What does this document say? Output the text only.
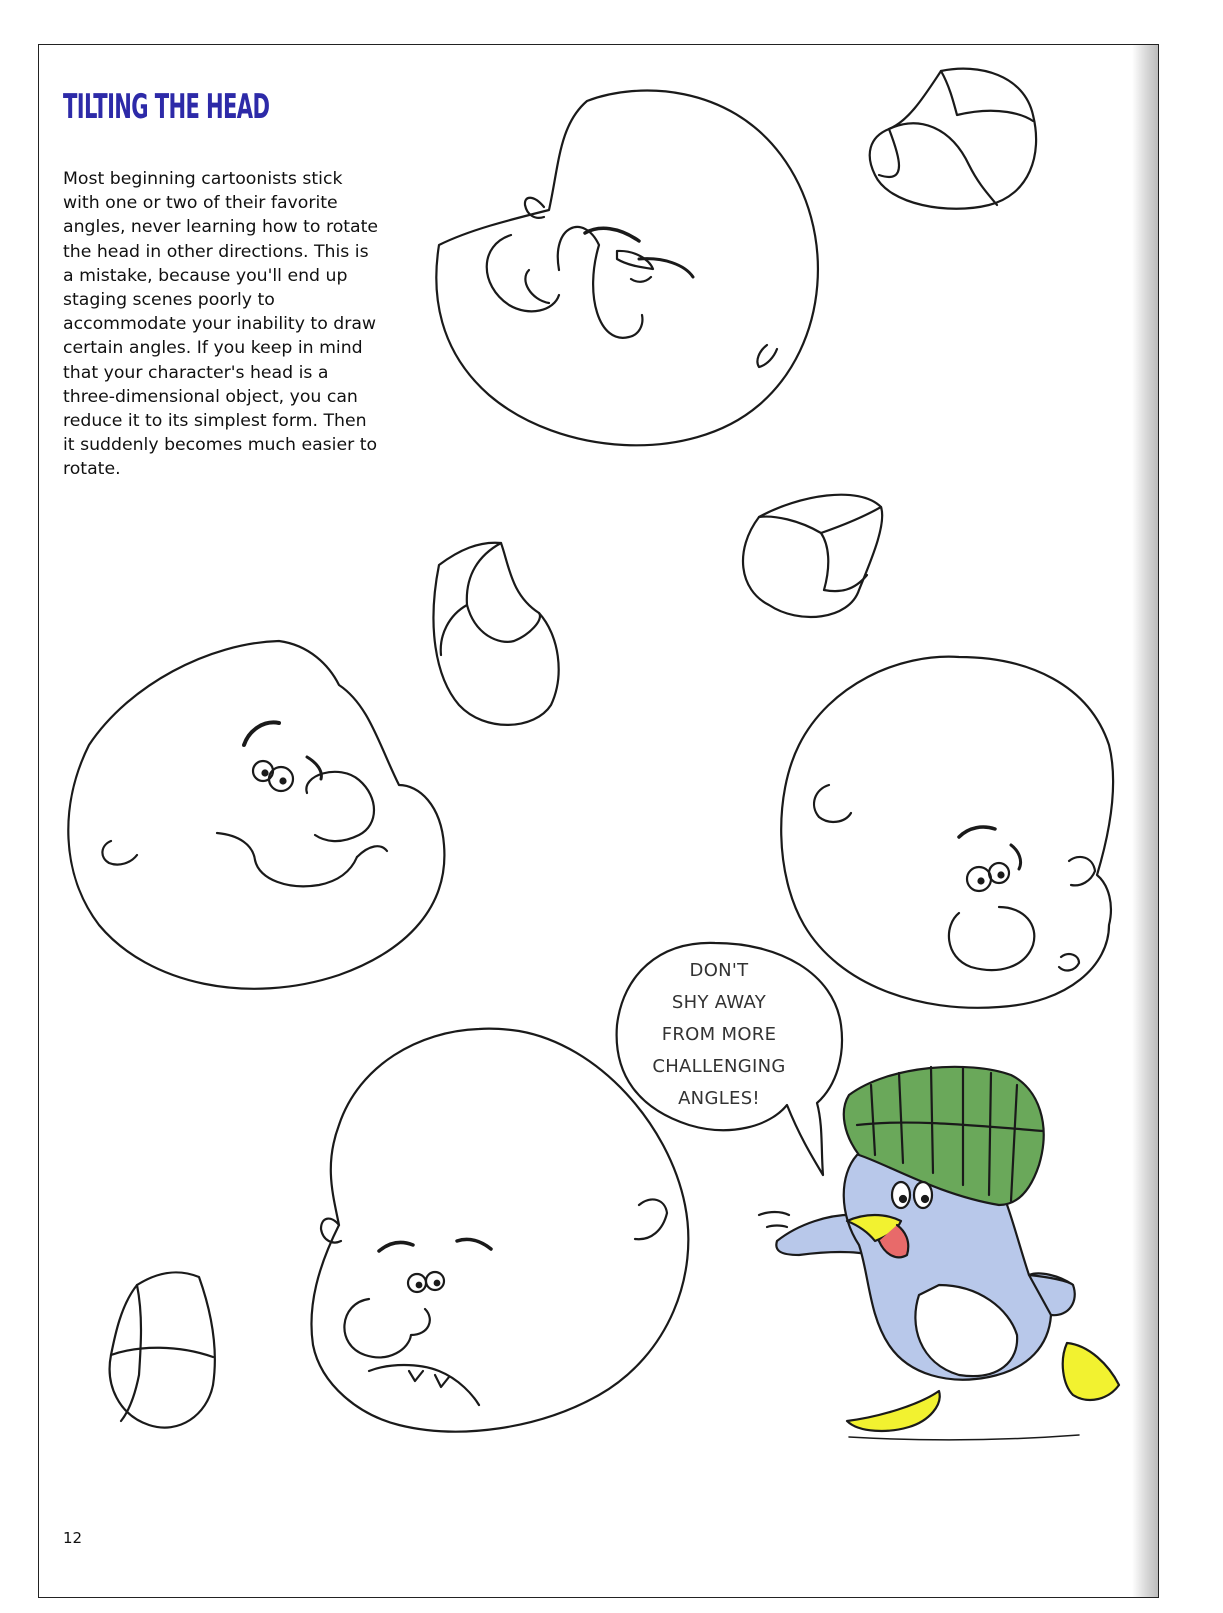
TILTING THE HEAD
Most beginning cartoonists stick with one or two of their favorite angles, never learning how to rotate the head in other directions. This is a mistake, because you'll end up staging scenes poorly to accommodate your inability to draw certain angles. If you keep in mind that your character's head is a three-dimensional object, you can reduce it to its simplest form. Then it suddenly becomes much easier to rotate.
12
DON'T
SHY AWAY
FROM MORE
CHALLENGING
ANGLES!
